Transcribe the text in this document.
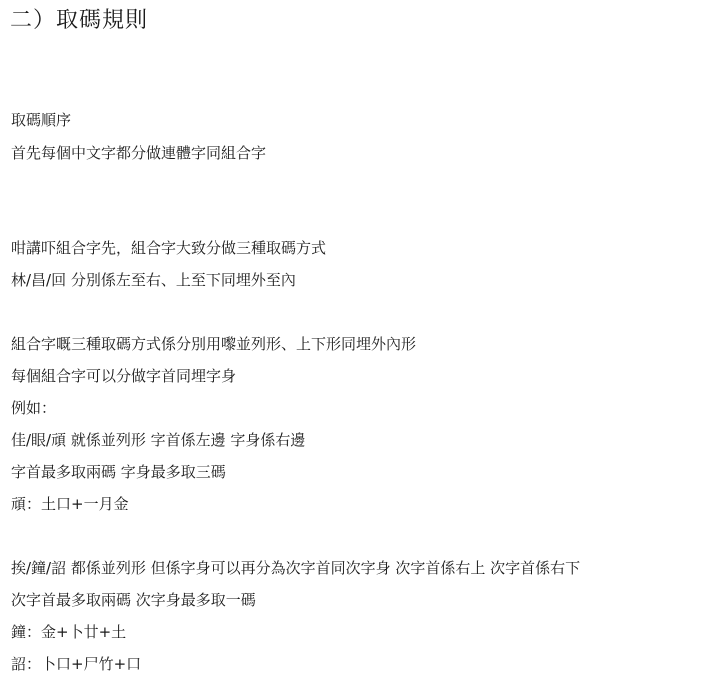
二）取碼規則
取碼順序
首先每個中文字都分做連體字同組合字
咁講吓組合字先，組合字大致分做三種取碼方式
林/昌/回 分別係左至右、上至下同埋外至內
組合字嘅三種取碼方式係分別用嚟並列形、上下形同埋外內形
每個組合字可以分做字首同埋字身
例如：
佳/眼/頑 就係並列形 字首係左邊 字身係右邊
字首最多取兩碼 字身最多取三碼
頑：土口+一月金
挨/鐘/詔 都係並列形 但係字身可以再分為次字首同次字身 次字首係右上 次字首係右下
次字首最多取兩碼 次字身最多取一碼
鐘：金+卜廿+土
詔：卜口+尸竹+口
